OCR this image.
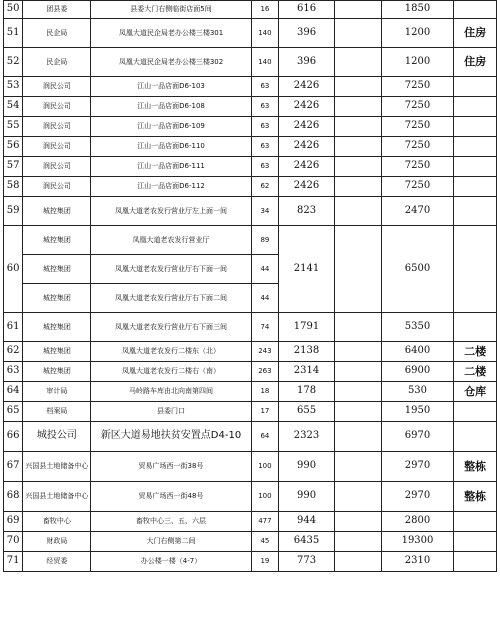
50	团县委	县委大门右侧临街店面5间	16	616		1850	
51	民企局	凤凰大道民企局老办公楼三楼301	140	396		1200	住房
52	民企局	凤凰大道民企局老办公楼三楼302	140	396		1200	住房
53	润民公司	江山一品店面D6-103	63	2426		7250	
54	润民公司	江山一品店面D6-108	63	2426		7250	
55	润民公司	江山一品店面D6-109	63	2426		7250	
56	润民公司	江山一品店面D6-110	63	2426		7250	
57	润民公司	江山一品店面D6-111	63	2426		7250	
58	润民公司	江山一品店面D6-112	62	2426		7250	
59	城控集团	凤凰大道老农发行营业厅左上面一间	34	823		2470	
60	城控集团	凤凰大道老农发行营业厅	89	2141		6500	
	城控集团	凤凰大道老农发行营业厅右下面一间	44				
	城控集团	凤凰大道老农发行营业厅右下面二间	44				
61	城控集团	凤凰大道老农发行营业厅右下面三间	74	1791		5350	
62	城控集团	凤凰大道老农发行二楼东（北）	243	2138		6400	二楼
63	城控集团	凤凰大道老农发行二楼右（南）	263	2314		6900	二楼
64	审计局	马岭路车库由北向南第四间	18	178		530	仓库
65	档案局	县委门口	17	655		1950	
66	城投公司	新区大道易地扶贫安置点D4-10	64	2323		6970	
67	兴国县土地储备中心	贸易广场西一街38号	100	990		2970	整栋
68	兴国县土地储备中心	贸易广场西一街48号	100	990		2970	整栋
69	畜牧中心	畜牧中心三、五、六层	477	944		2800	
70	财政局	大门右侧第二间	45	6435		19300	
71	经贸委	办公楼一楼（4-7）	19	773		2310	
